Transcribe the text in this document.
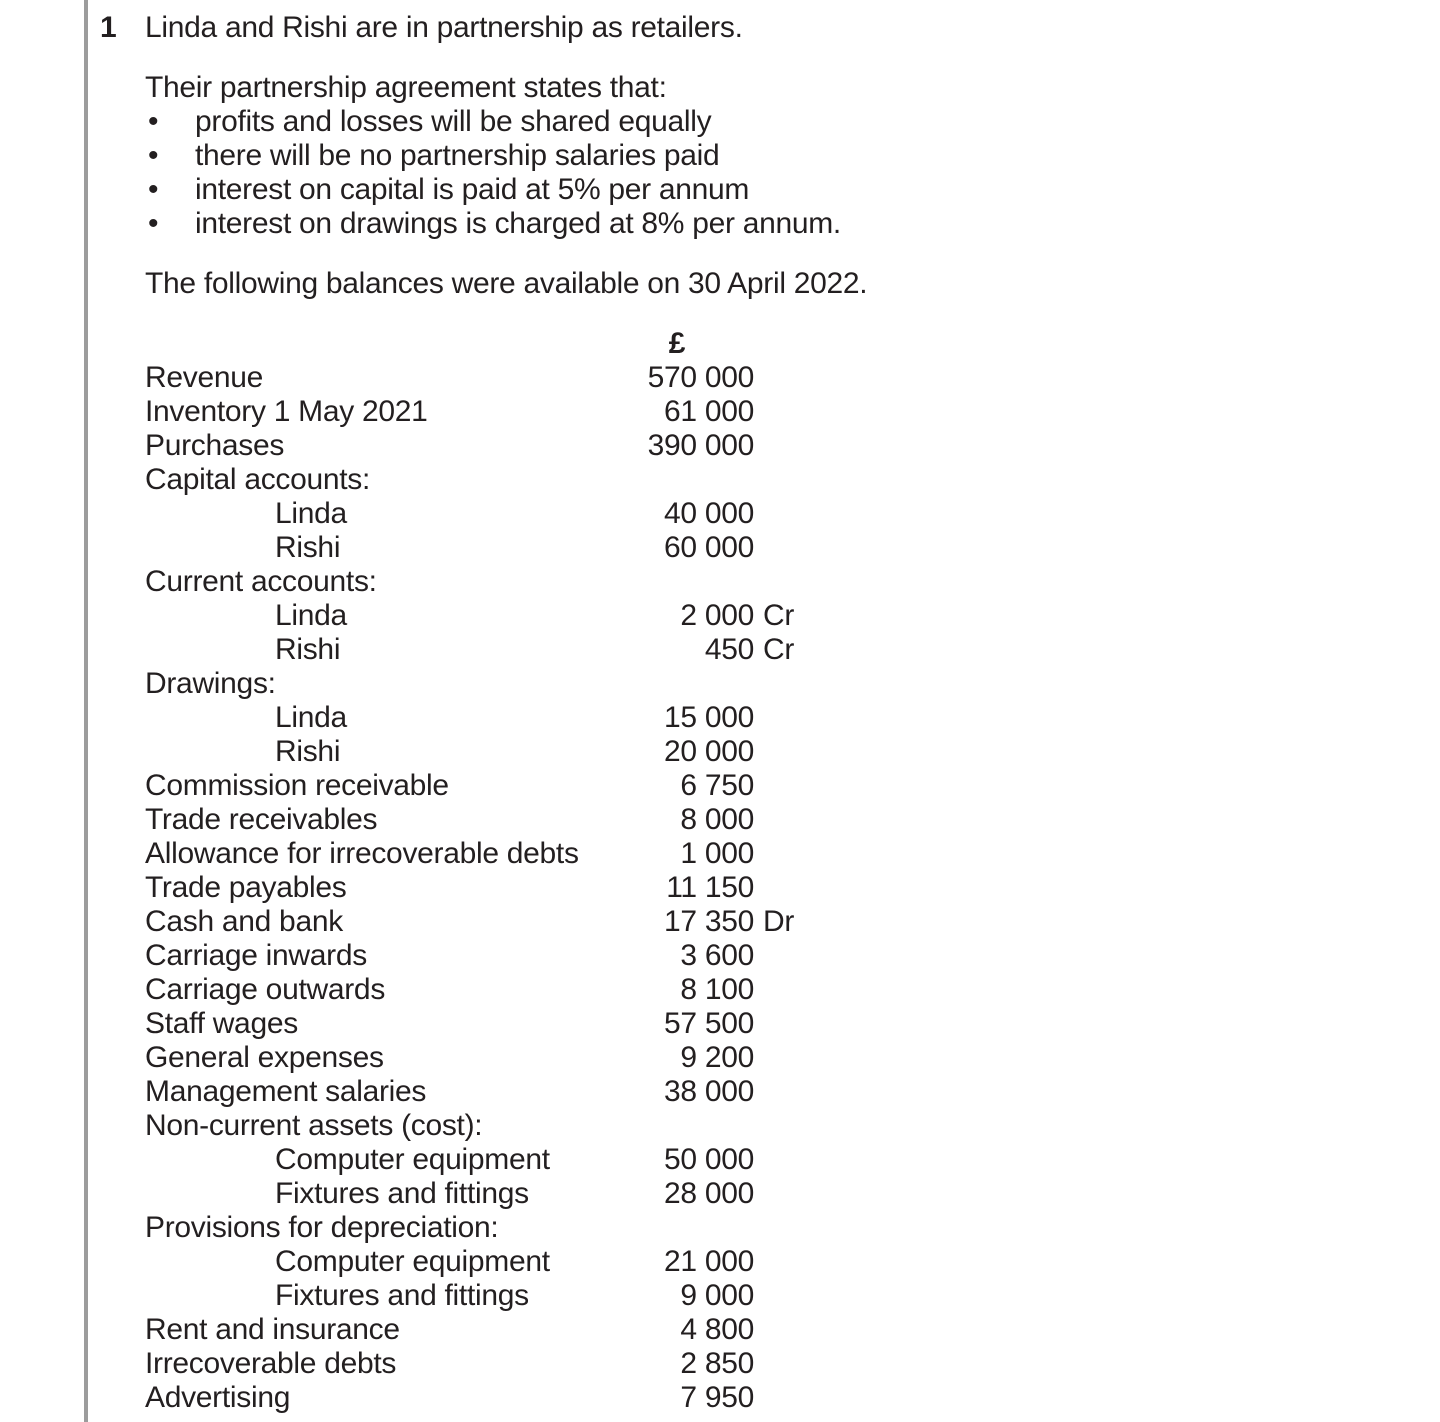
1 Linda and Rishi are in partnership as retailers.

Their partnership agreement states that:

• profits and losses will be shared equally
• there will be no partnership salaries paid
• interest on capital is paid at 5% per annum
• interest on drawings is charged at 8% per annum.

The following balances were available on 30 April 2022.

£
Revenue	570 000
Inventory 1 May 2021	61 000
Purchases	390 000
Capital accounts:
Linda	40 000
Rishi	60 000
Current accounts:
Linda	2 000 Cr
Rishi	450 Cr
Drawings:
Linda	15 000
Rishi	20 000
Commission receivable	6 750
Trade receivables	8 000
Allowance for irrecoverable debts	1 000
Trade payables	11 150
Cash and bank	17 350 Dr
Carriage inwards	3 600
Carriage outwards	8 100
Staff wages	57 500
General expenses	9 200
Management salaries	38 000
Non-current assets (cost):
Computer equipment	50 000
Fixtures and fittings	28 000
Provisions for depreciation:
Computer equipment	21 000
Fixtures and fittings	9 000
Rent and insurance	4 800
Irrecoverable debts	2 850
Advertising	7 950
